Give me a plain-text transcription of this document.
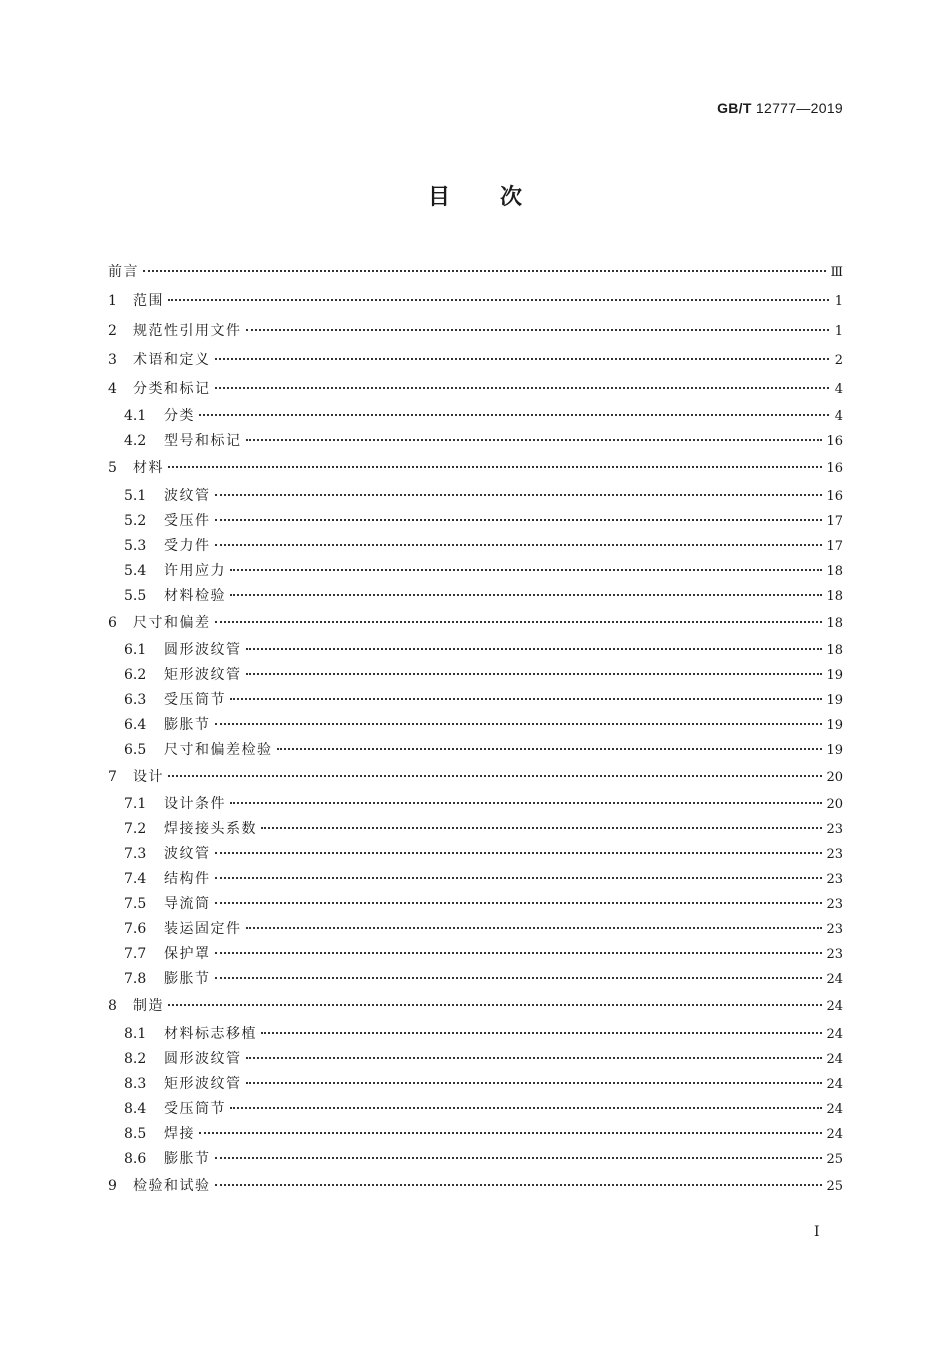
GB/T 12777—2019
目 次
前言	Ⅲ
1	范围	1
2	规范性引用文件	1
3	术语和定义	2
4	分类和标记	4
4.1	分类	4
4.2	型号和标记	16
5	材料	16
5.1	波纹管	16
5.2	受压件	17
5.3	受力件	17
5.4	许用应力	18
5.5	材料检验	18
6	尺寸和偏差	18
6.1	圆形波纹管	18
6.2	矩形波纹管	19
6.3	受压筒节	19
6.4	膨胀节	19
6.5	尺寸和偏差检验	19
7	设计	20
7.1	设计条件	20
7.2	焊接接头系数	23
7.3	波纹管	23
7.4	结构件	23
7.5	导流筒	23
7.6	装运固定件	23
7.7	保护罩	23
7.8	膨胀节	24
8	制造	24
8.1	材料标志移植	24
8.2	圆形波纹管	24
8.3	矩形波纹管	24
8.4	受压筒节	24
8.5	焊接	24
8.6	膨胀节	25
9	检验和试验	25
I
